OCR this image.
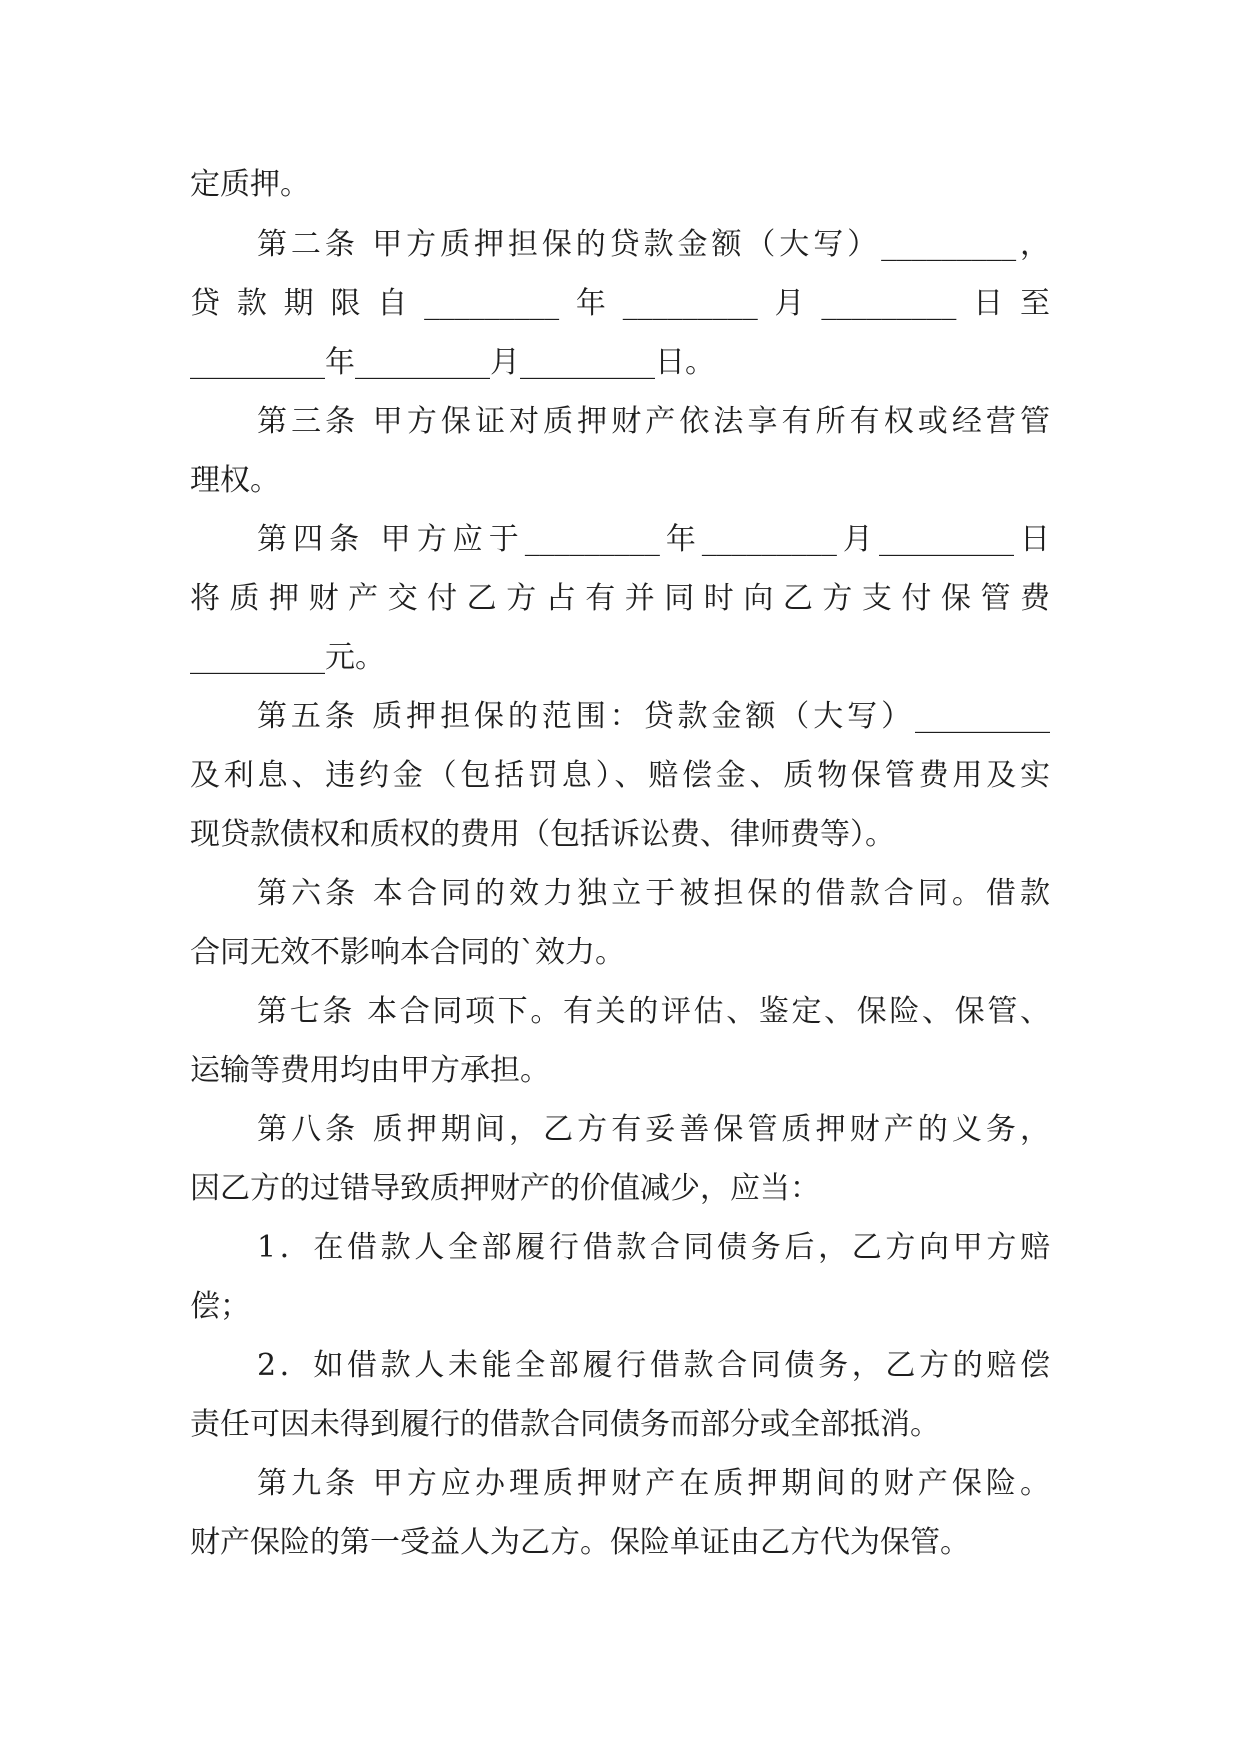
定质押。
第二条 甲方质押担保的贷款金额（大写）_________，
贷款期限自_________年_________月_________日至
_________年_________月_________日。
第三条 甲方保证对质押财产依法享有所有权或经营管
理权。
第四条 甲方应于_________年_________月_________日
将质押财产交付乙方占有并同时向乙方支付保管费
_________元。
第五条 质押担保的范围：贷款金额（大写）_________
及利息、违约金（包括罚息）、赔偿金、质物保管费用及实
现贷款债权和质权的费用（包括诉讼费、律师费等）。
第六条 本合同的效力独立于被担保的借款合同。借款
合同无效不影响本合同的`效力。
第七条 本合同项下。有关的评估、鉴定、保险、保管、
运输等费用均由甲方承担。
第八条 质押期间，乙方有妥善保管质押财产的义务，
因乙方的过错导致质押财产的价值减少，应当：
1．在借款人全部履行借款合同债务后，乙方向甲方赔
偿；
2．如借款人未能全部履行借款合同债务，乙方的赔偿
责任可因未得到履行的借款合同债务而部分或全部抵消。
第九条 甲方应办理质押财产在质押期间的财产保险。
财产保险的第一受益人为乙方。保险单证由乙方代为保管。
